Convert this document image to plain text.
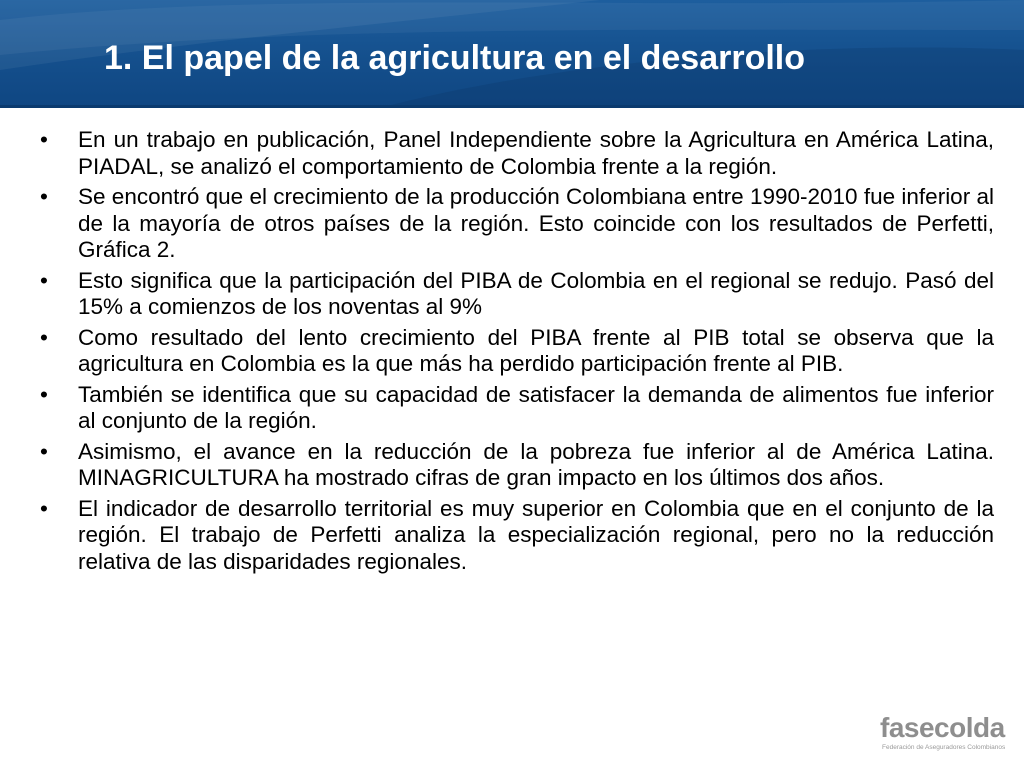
1. El papel de la agricultura en el desarrollo
•	En un trabajo en publicación, Panel Independiente sobre la Agricultura en América Latina, PIADAL, se analizó el comportamiento de Colombia frente a la región.
•	Se encontró que el crecimiento de la producción Colombiana entre 1990-2010 fue inferior al de la mayoría de otros países de la región. Esto coincide con los resultados de Perfetti, Gráfica 2.
•	Esto significa que la participación del PIBA de Colombia en el regional se redujo. Pasó del 15% a comienzos de los noventas al 9%
•	Como resultado del lento crecimiento del PIBA frente al PIB total se observa que la agricultura en Colombia es la que más ha perdido participación frente al PIB.
•	También se identifica que su capacidad de satisfacer la demanda de alimentos fue inferior al conjunto de la región.
•	Asimismo, el avance en la reducción de la pobreza fue inferior al de América Latina. MINAGRICULTURA ha mostrado cifras de gran impacto en los últimos dos años.
•	El indicador de desarrollo territorial es muy superior en Colombia que en el conjunto de la región. El trabajo de Perfetti analiza la especialización regional, pero no la reducción relativa de las disparidades regionales.
fasecolda
Federación de Aseguradores Colombianos
